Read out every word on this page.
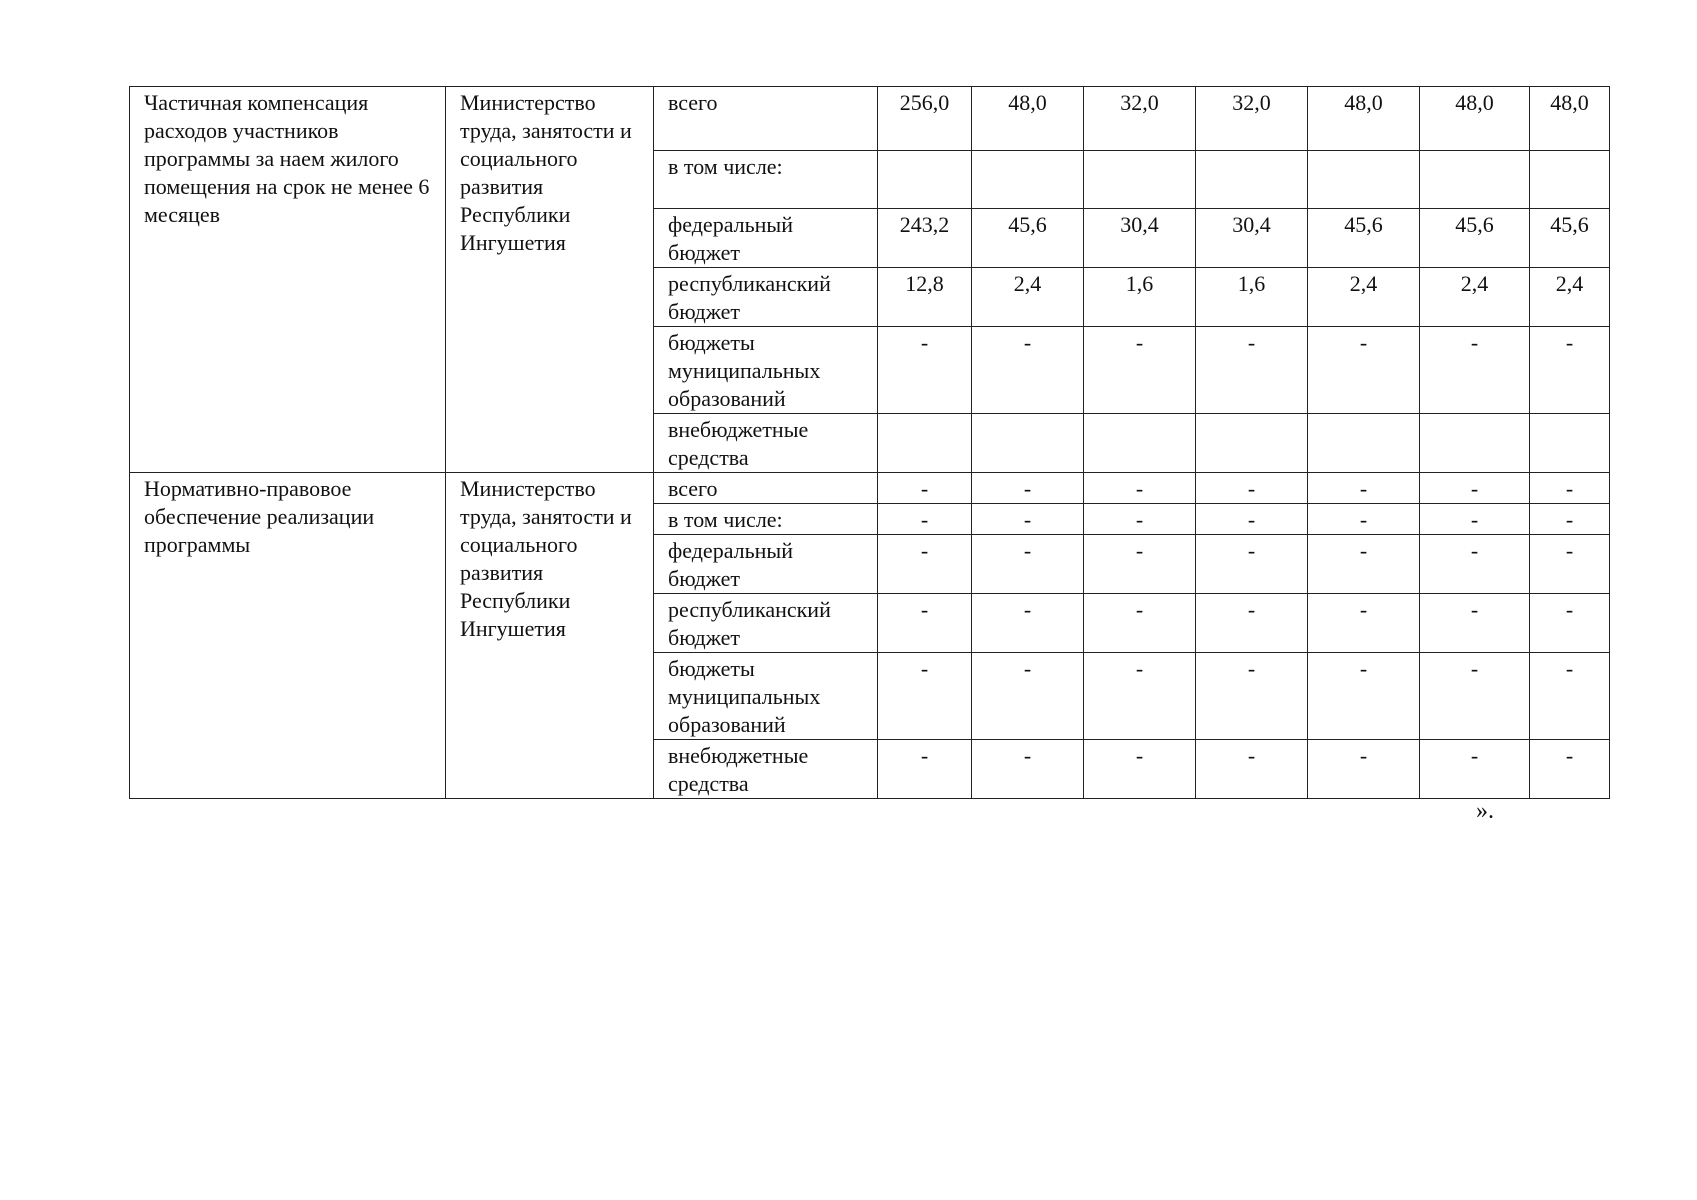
Частичная компенсация расходов участников программы за наем жилого помещения на срок не менее 6 месяцев	Министерство труда, занятости и социального развития Республики Ингушетия	всего	256,0	48,0	32,0	32,0	48,0	48,0	48,0
		в том числе:							
		федеральный бюджет	243,2	45,6	30,4	30,4	45,6	45,6	45,6
		республиканский бюджет	12,8	2,4	1,6	1,6	2,4	2,4	2,4
		бюджеты муниципальных образований	-	-	-	-	-	-	-
		внебюджетные средства							
Нормативно-правовое обеспечение реализации программы	Министерство труда, занятости и социального развития Республики Ингушетия	всего	-	-	-	-	-	-	-
		в том числе:	-	-	-	-	-	-	-
		федеральный бюджет	-	-	-	-	-	-	-
		республиканский бюджет	-	-	-	-	-	-	-
		бюджеты муниципальных образований	-	-	-	-	-	-	-
		внебюджетные средства	-	-	-	-	-	-	-
».
